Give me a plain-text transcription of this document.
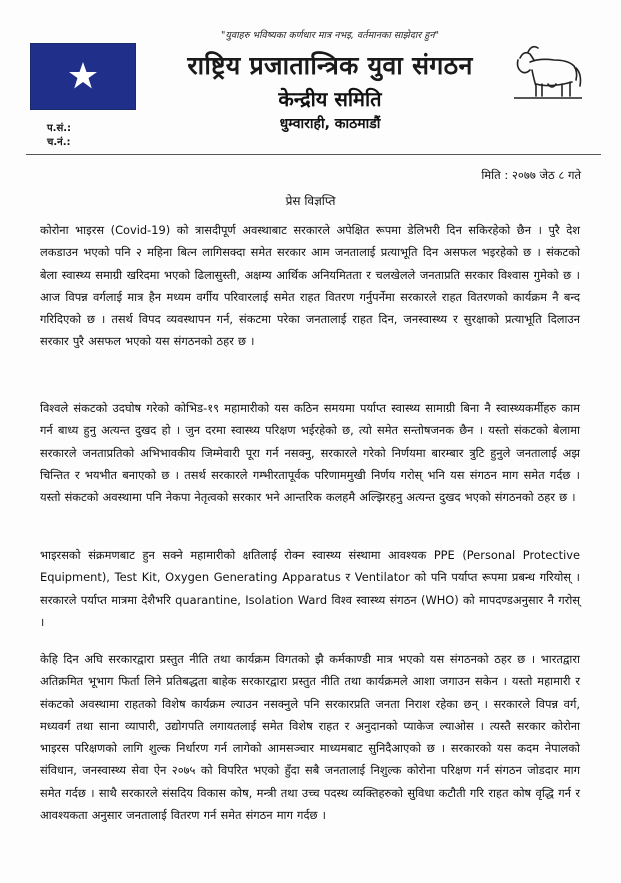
"युवाहरु भविष्यका कर्णधार मात्र नभइ, वर्तमानका साझेदार हुन"
राष्ट्रिय प्रजातान्त्रिक युवा संगठन
केन्द्रीय समिति
धुम्वाराही, काठमाडौं
प.सं.:
च.नं.:
मिति : २०७७ जेठ ८ गते
प्रेस विज्ञप्ति
कोरोना भाइरस (Covid-19) को त्रासदीपूर्ण अवस्थाबाट सरकारले अपेक्षित रूपमा डेलिभरी दिन सकिरहेको छैन । पुरै देश लकडाउन भएको पनि २ महिना बित्न लागिसक्दा समेत सरकार आम जनतालाई प्रत्याभूति दिन असफल भइरहेको छ । संकटको बेला स्वास्थ्य समाग्री खरिदमा भएको ढिलासुस्ती, अक्षम्य आर्थिक अनियमितता र चलखेलले जनताप्रति सरकार विश्वास गुमेको छ । आज विपन्न वर्गलाई मात्र हैन मध्यम वर्गीय परिवारलाई समेत राहत वितरण गर्नुपर्नेमा सरकारले राहत वितरणको कार्यक्रम नै बन्द गरिदिएको छ । तसर्थ विपद व्यवस्थापन गर्न, संकटमा परेका जनतालाई राहत दिन, जनस्वास्थ्य र सुरक्षाको प्रत्याभूति दिलाउन सरकार पुरै असफल भएको यस संगठनको ठहर छ ।
विश्वले संकटको उदघोष गरेको कोभिड-१९ महामारीको यस कठिन समयमा पर्याप्त स्वास्थ्य सामाग्री बिना नै स्वास्थ्यकर्मीहरु काम गर्न बाध्य हुनु अत्यन्त दुखद हो । जुन दरमा स्वास्थ्य परिक्षण भईरहेको छ, त्यो समेत सन्तोषजनक छैन । यस्तो संकटको बेलामा सरकारले जनताप्रतिको अभिभावकीय जिम्मेवारी पूरा गर्न नसक्नु, सरकारले गरेको निर्णयमा बारम्बार त्रुटि हुनुले जनतालाई अझ चिन्तित र भयभीत बनाएको छ । तसर्थ सरकारले गम्भीरतापूर्वक परिणाममुखी निर्णय गरोस् भनि यस संगठन माग समेत गर्दछ । यस्तो संकटको अवस्थामा पनि नेकपा नेतृत्वको सरकार भने आन्तरिक कलहमै अल्झिरहनु अत्यन्त दुखद भएको संगठनको ठहर छ ।
भाइरसको संक्रमणबाट हुन सक्ने महामारीको क्षतिलाई रोक्न स्वास्थ्य संस्थामा आवश्यक PPE (Personal Protective Equipment), Test Kit, Oxygen Generating Apparatus र Ventilator को पनि पर्याप्त रूपमा प्रबन्ध गरियोस् । सरकारले पर्याप्त मात्रमा देशैभरि quarantine, Isolation Ward विश्व स्वास्थ्य संगठन (WHO) को मापदण्डअनुसार नै गरोस् ।
केहि दिन अघि सरकारद्वारा प्रस्तुत नीति तथा कार्यक्रम विगतको झै कर्मकाण्डी मात्र भएको यस संगठनको ठहर छ । भारतद्वारा अतिक्रमित भूभाग फिर्ता लिने प्रतिबद्धता बाहेक सरकारद्वारा प्रस्तुत नीति तथा कार्यक्रमले आशा जगाउन सकेन । यस्तो महामारी र संकटको अवस्थामा राहतको विशेष कार्यक्रम ल्याउन नसक्नुले पनि सरकारप्रति जनता निराश रहेका छन् । सरकारले विपन्न वर्ग, मध्यवर्ग तथा साना व्यापारी, उद्योगपति लगायतलाई समेत विशेष राहत र अनुदानको प्याकेज ल्याओस । त्यस्तै सरकार कोरोना भाइरस परिक्षणको लागि शुल्क निर्धारण गर्न लागेको आमसञ्चार माध्यमबाट सुनिदैआएको छ । सरकारको यस कदम नेपालको संविधान, जनस्वास्थ्य सेवा ऐन २०७५ को विपरित भएको हुँदा सबै जनतालाई निशुल्क कोरोना परिक्षण गर्न संगठन जोडदार माग समेत गर्दछ । साथै सरकारले संसदिय विकास कोष, मन्त्री तथा उच्च पदस्थ व्यक्तिहरुको सुविधा कटौती गरि राहत कोष वृद्धि गर्न र आवश्यकता अनुसार जनतालाई वितरण गर्न समेत संगठन माग गर्दछ ।
